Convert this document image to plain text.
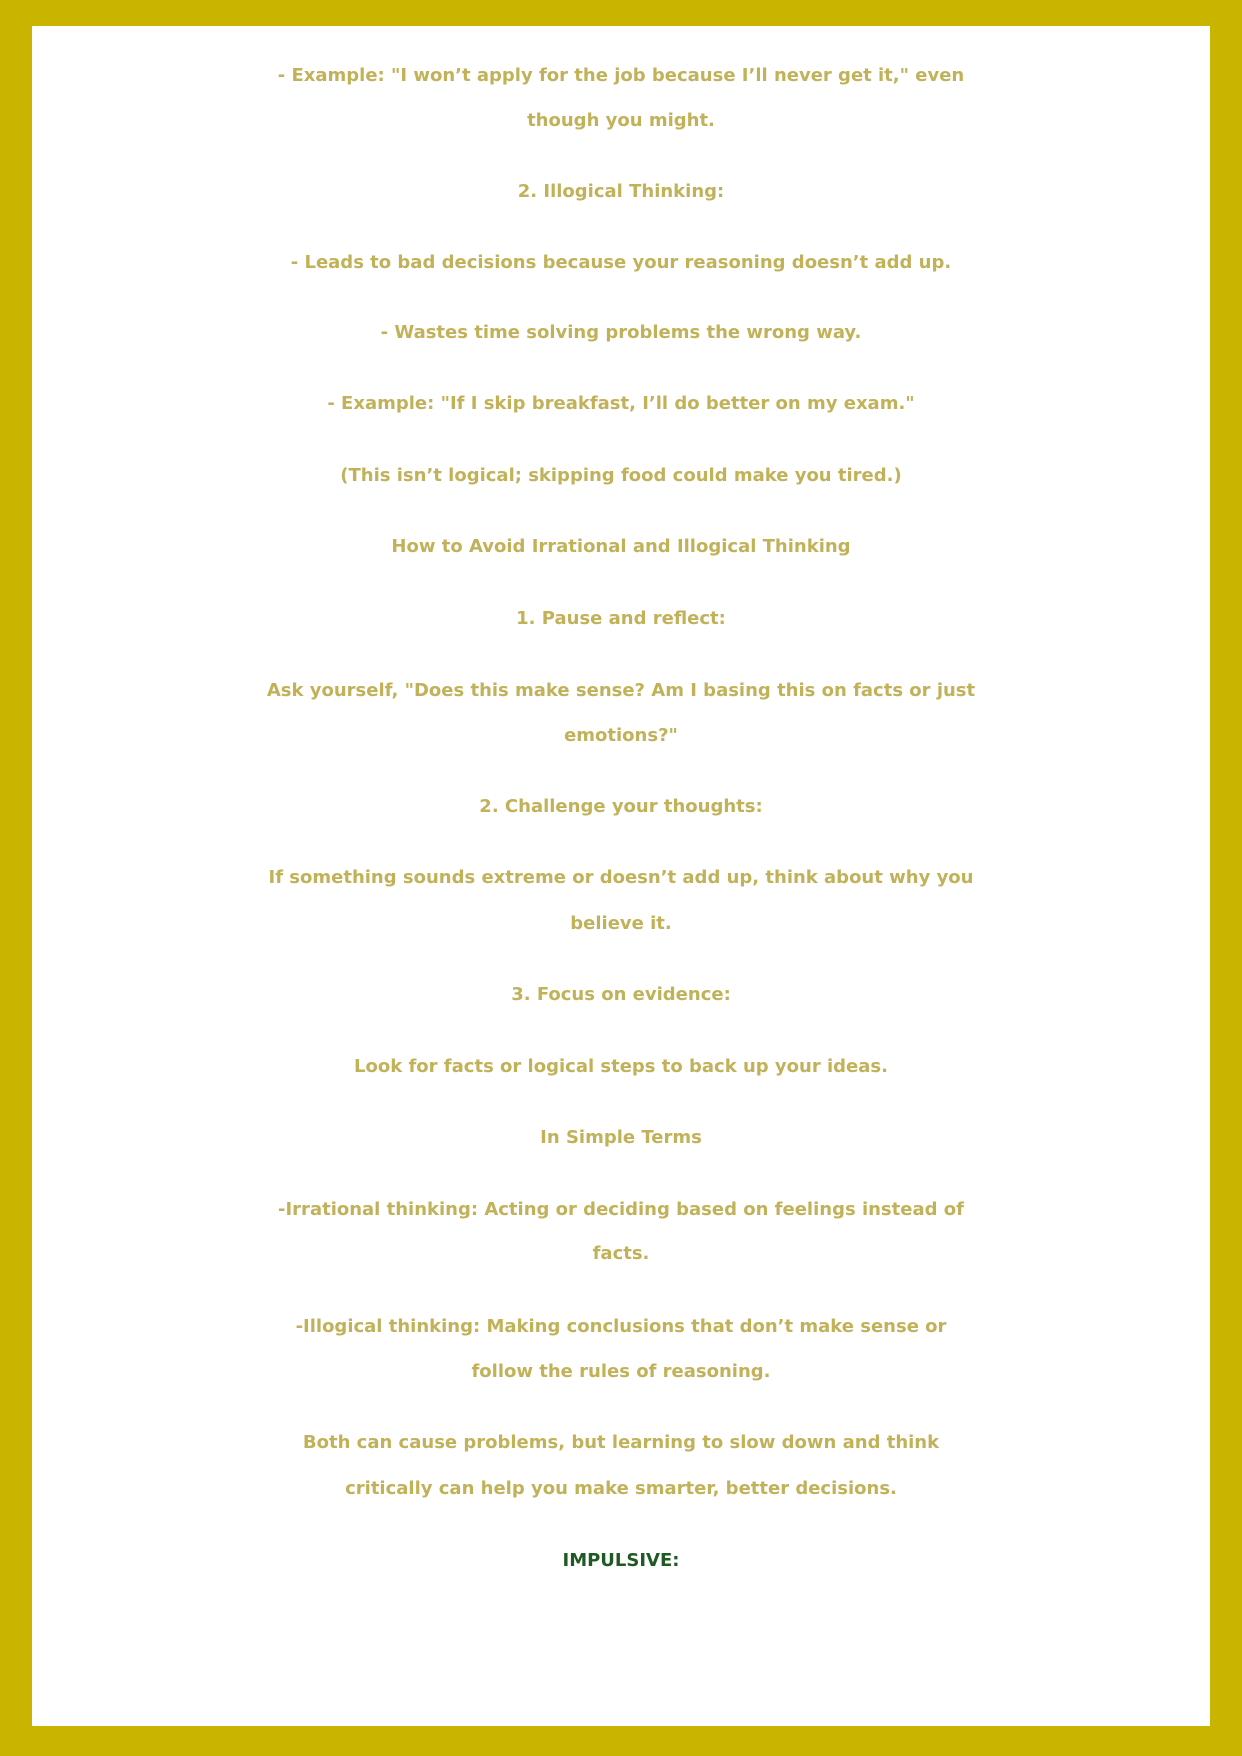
- Example: "I won’t apply for the job because I’ll never get it," even
though you might.
2. Illogical Thinking:
- Leads to bad decisions because your reasoning doesn’t add up.
- Wastes time solving problems the wrong way.
- Example: "If I skip breakfast, I’ll do better on my exam."
(This isn’t logical; skipping food could make you tired.)
How to Avoid Irrational and Illogical Thinking
1. Pause and reflect:
Ask yourself, "Does this make sense? Am I basing this on facts or just
emotions?"
2. Challenge your thoughts:
If something sounds extreme or doesn’t add up, think about why you
believe it.
3. Focus on evidence:
Look for facts or logical steps to back up your ideas.
In Simple Terms
-Irrational thinking: Acting or deciding based on feelings instead of
facts.
-Illogical thinking: Making conclusions that don’t make sense or
follow the rules of reasoning.
Both can cause problems, but learning to slow down and think
critically can help you make smarter, better decisions.
IMPULSIVE:
